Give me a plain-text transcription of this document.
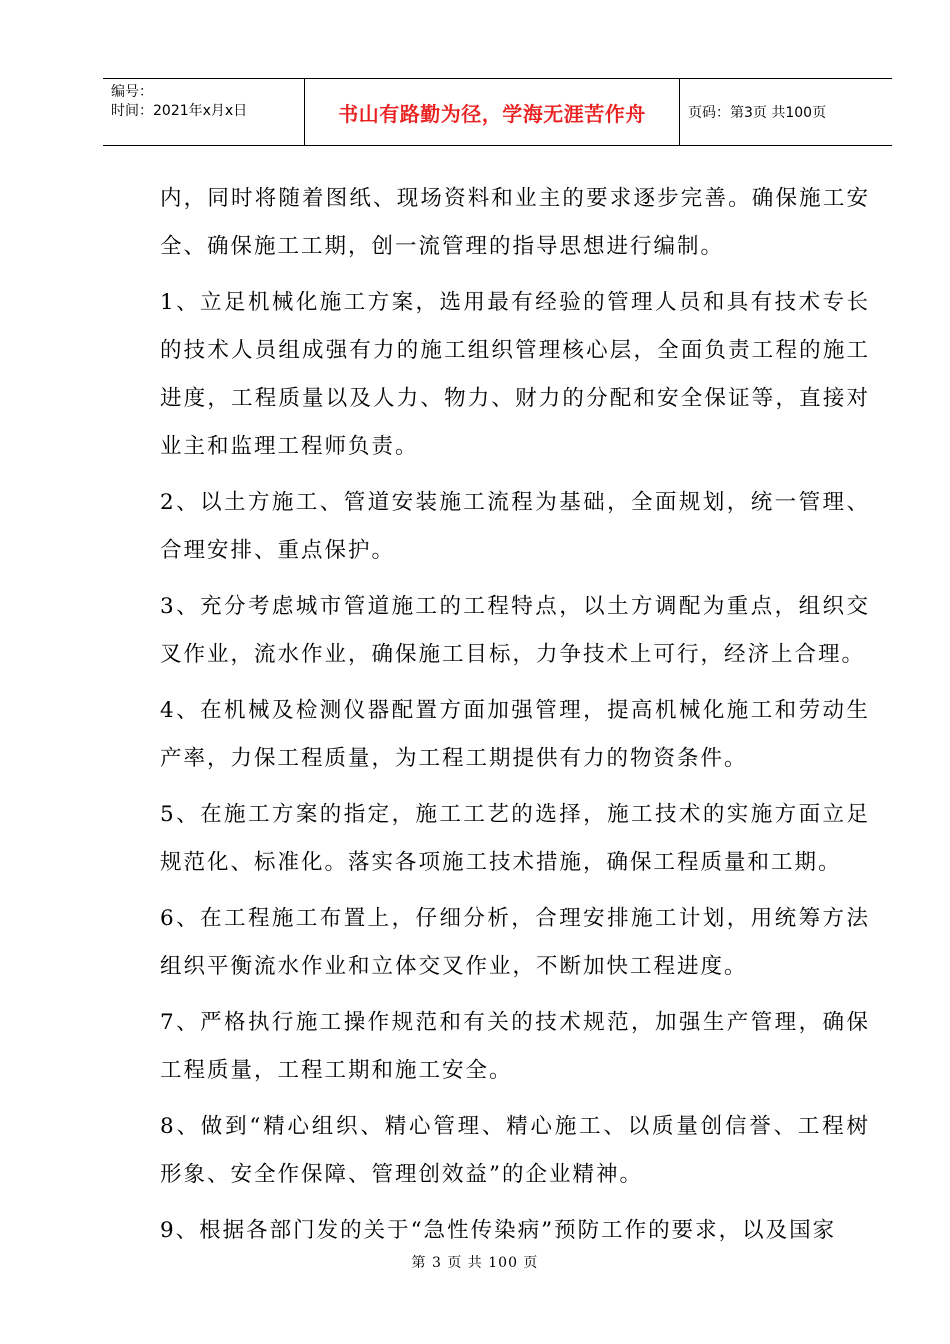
编号：
时间：2021年x月x日	书山有路勤为径，学海无涯苦作舟	页码：第3页 共100页

内，同时将随着图纸、现场资料和业主的要求逐步完善。确保施工安全、确保施工工期，创一流管理的指导思想进行编制。

1、立足机械化施工方案，选用最有经验的管理人员和具有技术专长的技术人员组成强有力的施工组织管理核心层，全面负责工程的施工进度，工程质量以及人力、物力、财力的分配和安全保证等，直接对业主和监理工程师负责。

2、以土方施工、管道安装施工流程为基础，全面规划，统一管理、合理安排、重点保护。

3、充分考虑城市管道施工的工程特点，以土方调配为重点，组织交叉作业，流水作业，确保施工目标，力争技术上可行，经济上合理。

4、在机械及检测仪器配置方面加强管理，提高机械化施工和劳动生产率，力保工程质量，为工程工期提供有力的物资条件。

5、在施工方案的指定，施工工艺的选择，施工技术的实施方面立足规范化、标准化。落实各项施工技术措施，确保工程质量和工期。

6、在工程施工布置上，仔细分析，合理安排施工计划，用统筹方法组织平衡流水作业和立体交叉作业，不断加快工程进度。

7、严格执行施工操作规范和有关的技术规范，加强生产管理，确保工程质量，工程工期和施工安全。

8、做到“精心组织、精心管理、精心施工、以质量创信誉、工程树形象、安全作保障、管理创效益”的企业精神。

9、根据各部门发的关于“急性传染病”预防工作的要求，以及国家

第 3 页 共 100 页
